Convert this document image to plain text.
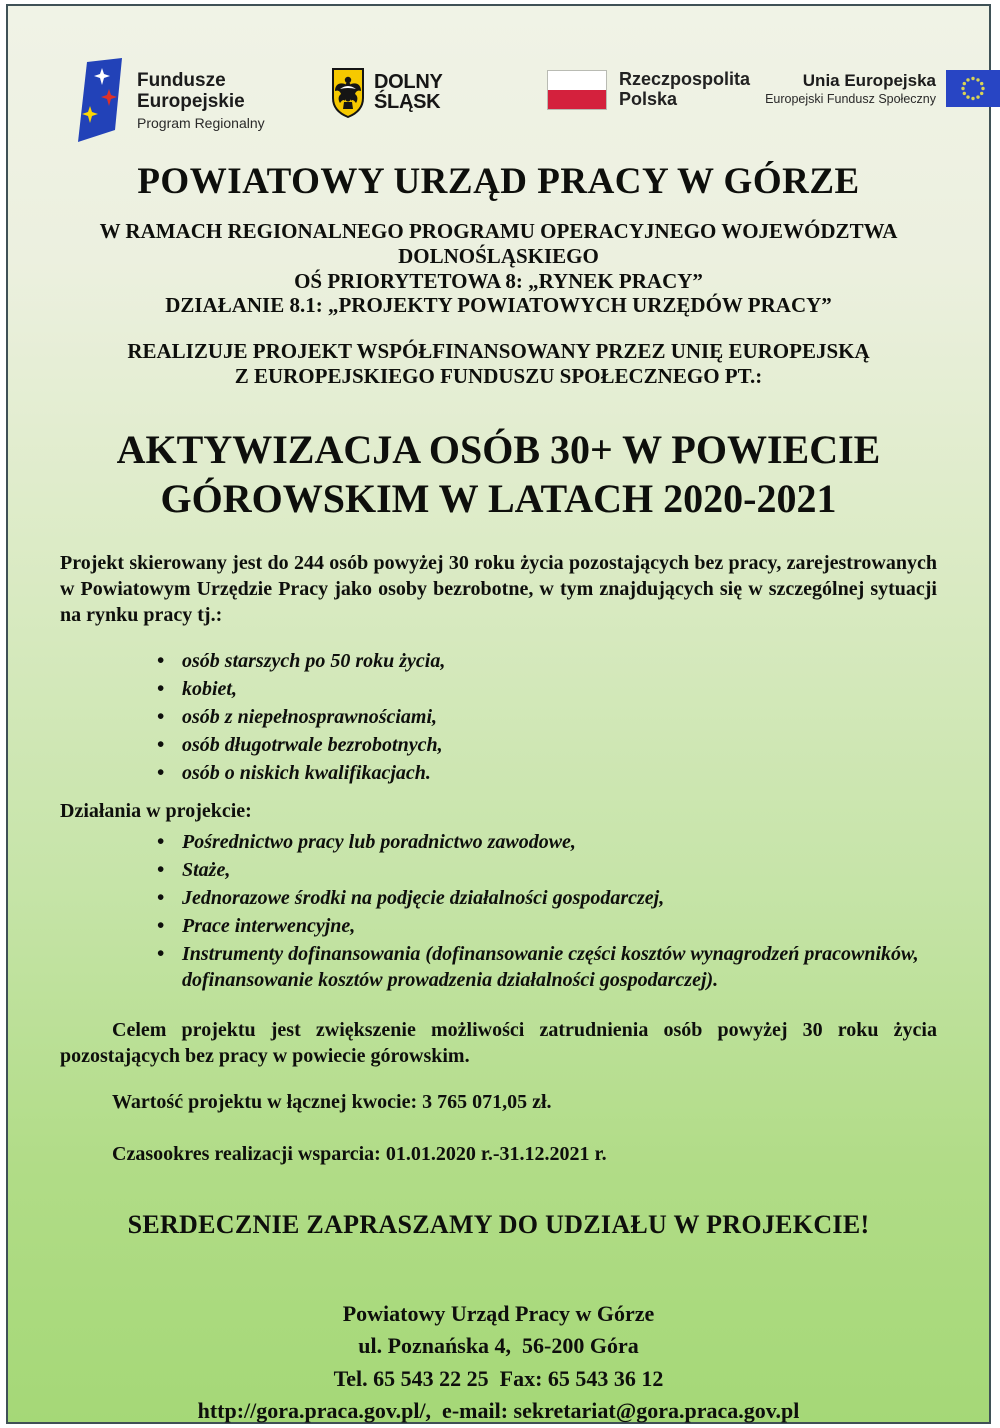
Fundusze
Europejskie
Program Regionalny
DOLNY
ŚLĄSK
Rzeczpospolita
Polska
Unia Europejska
Europejski Fundusz Społeczny
POWIATOWY URZĄD PRACY W GÓRZE
W RAMACH REGIONALNEGO PROGRAMU OPERACYJNEGO WOJEWÓDZTWA
DOLNOŚLĄSKIEGO
OŚ PRIORYTETOWA 8: „RYNEK PRACY”
DZIAŁANIE 8.1: „PROJEKTY POWIATOWYCH URZĘDÓW PRACY”
REALIZUJE PROJEKT WSPÓŁFINANSOWANY PRZEZ UNIĘ EUROPEJSKĄ
Z EUROPEJSKIEGO FUNDUSZU SPOŁECZNEGO PT.:
AKTYWIZACJA OSÓB 30+ W POWIECIE
GÓROWSKIM W LATACH 2020-2021

Projekt skierowany jest do 244 osób powyżej 30 roku życia pozostających bez pracy, zarejestrowanych w Powiatowym Urzędzie Pracy jako osoby bezrobotne, w tym znajdujących się w szczególnej sytuacji na rynku pracy tj.:

• osób starszych po 50 roku życia,
• kobiet,
• osób z niepełnosprawnościami,
• osób długotrwale bezrobotnych,
• osób o niskich kwalifikacjach.
Działania w projekcie:
• Pośrednictwo pracy lub poradnictwo zawodowe,
• Staże,
• Jednorazowe środki na podjęcie działalności gospodarczej,
• Prace interwencyjne,
• Instrumenty dofinansowania (dofinansowanie części kosztów wynagrodzeń pracowników, dofinansowanie kosztów prowadzenia działalności gospodarczej).

Celem projektu jest zwiększenie możliwości zatrudnienia osób powyżej 30 roku życia pozostających bez pracy w powiecie górowskim.

Wartość projektu w łącznej kwocie: 3 765 071,05 zł.
Czasookres realizacji wsparcia: 01.01.2020 r.-31.12.2021 r.
SERDECZNIE ZAPRASZAMY DO UDZIAŁU W PROJEKCIE!
Powiatowy Urząd Pracy w Górze
ul. Poznańska 4,  56-200 Góra
Tel. 65 543 22 25  Fax: 65 543 36 12
http://gora.praca.gov.pl/,  e-mail: sekretariat@gora.praca.gov.pl
